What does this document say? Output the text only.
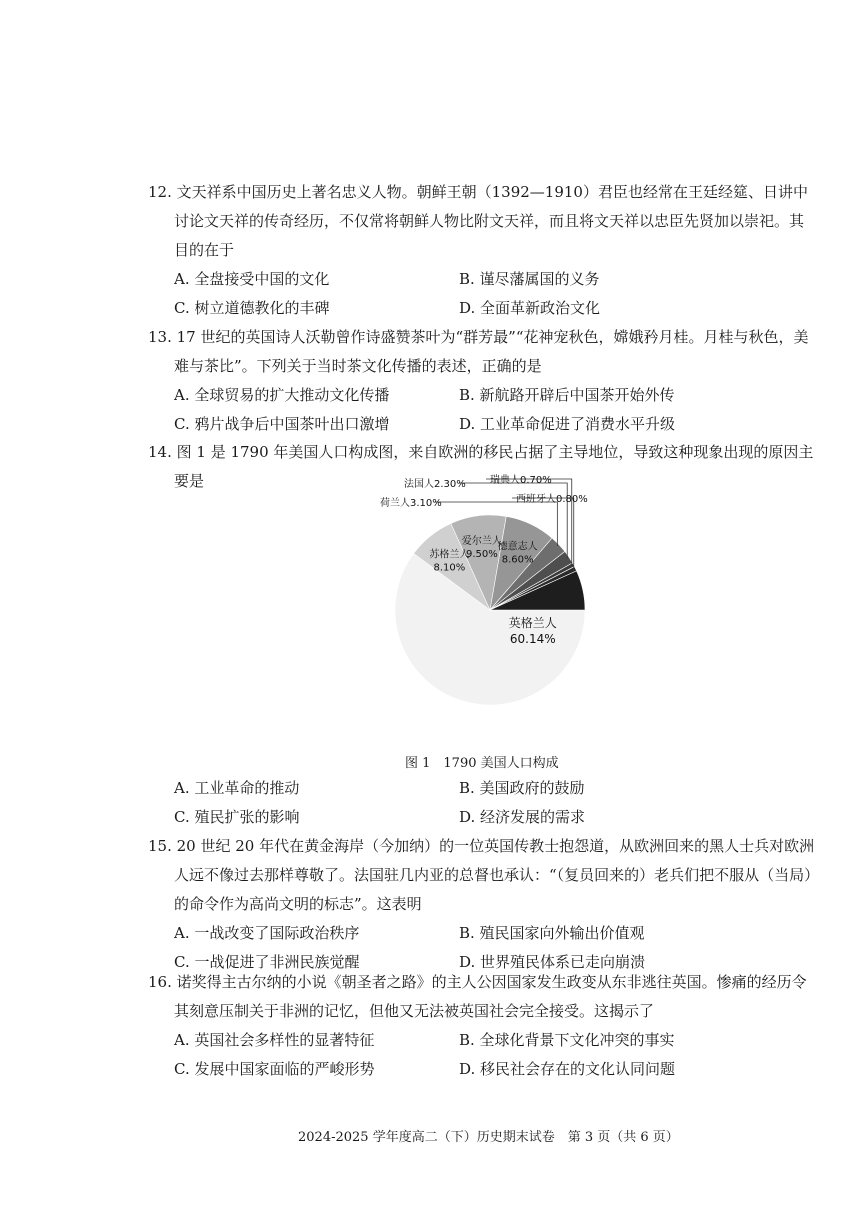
12. 文天祥系中国历史上著名忠义人物。朝鲜王朝（1392—1910）君臣也经常在王廷经筵、日讲中讨论文天祥的传奇经历，不仅常将朝鲜人物比附文天祥，而且将文天祥以忠臣先贤加以崇祀。其目的在于
A. 全盘接受中国的文化	B. 谨尽藩属国的义务
C. 树立道德教化的丰碑	D. 全面革新政治文化
13. 17 世纪的英国诗人沃勒曾作诗盛赞茶叶为“群芳最”“花神宠秋色，嫦娥矜月桂。月桂与秋色，美难与茶比”。下列关于当时茶文化传播的表述，正确的是
A. 全球贸易的扩大推动文化传播	B. 新航路开辟后中国茶开始外传
C. 鸦片战争后中国茶叶出口激增	D. 工业革命促进了消费水平升级
14. 图 1 是 1790 年美国人口构成图，来自欧洲的移民占据了主导地位，导致这种现象出现的原因主要是
英格兰人
60.14%
苏格兰人
8.10%
爱尔兰人
9.50%
德意志人
8.60%
荷兰人3.10%
法国人2.30% 瑞典人0.70%
西班牙人0.80%
图 1　1790 美国人口构成
A. 工业革命的推动	B. 美国政府的鼓励
C. 殖民扩张的影响	D. 经济发展的需求
15. 20 世纪 20 年代在黄金海岸（今加纳）的一位英国传教士抱怨道，从欧洲回来的黑人士兵对欧洲人远不像过去那样尊敬了。法国驻几内亚的总督也承认：“（复员回来的）老兵们把不服从（当局）的命令作为高尚文明的标志”。这表明
A. 一战改变了国际政治秩序	B. 殖民国家向外输出价值观
C. 一战促进了非洲民族觉醒	D. 世界殖民体系已走向崩溃
16. 诺奖得主古尔纳的小说《朝圣者之路》的主人公因国家发生政变从东非逃往英国。惨痛的经历令其刻意压制关于非洲的记忆，但他又无法被英国社会完全接受。这揭示了
A. 英国社会多样性的显著特征	B. 全球化背景下文化冲突的事实
C. 发展中国家面临的严峻形势	D. 移民社会存在的文化认同问题
2024-2025 学年度高二（下）历史期末试卷　第 3 页（共 6 页）
